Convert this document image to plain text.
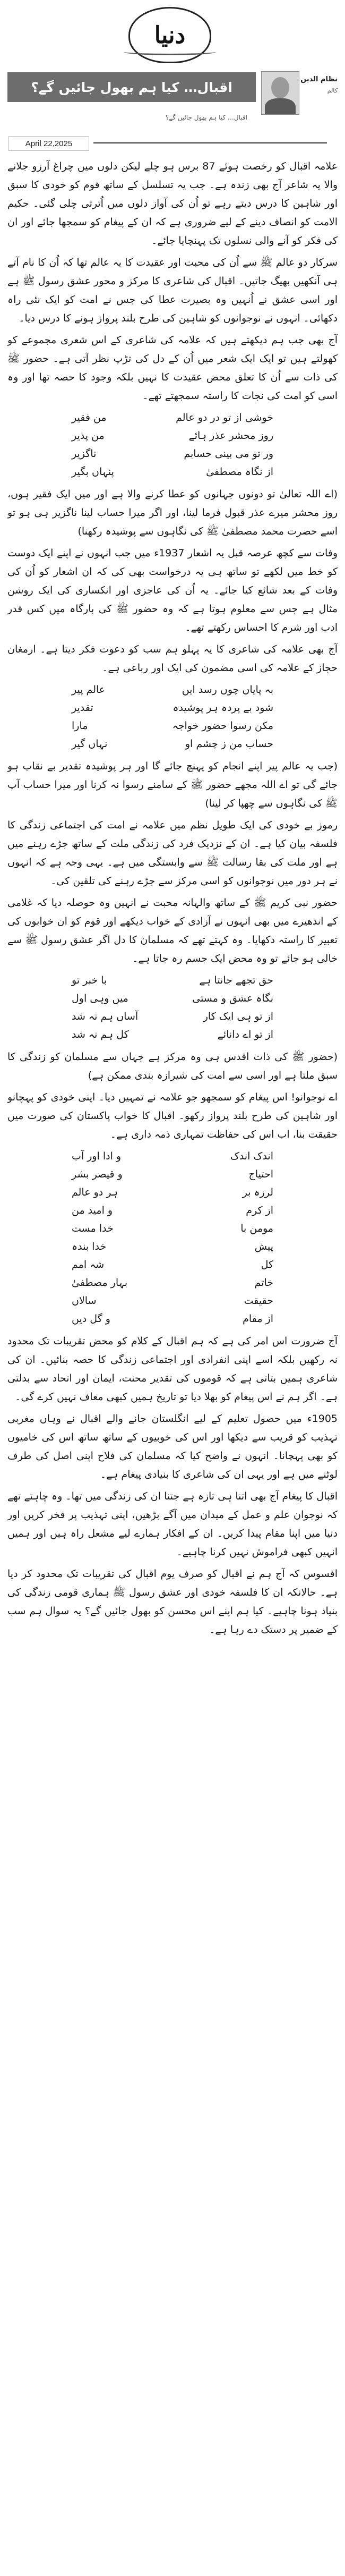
دنیا
اقبال… کیا ہم بھول جائیں گے؟	نظام الدین
کالم
اقبال… کیا ہم بھول جائیں گے؟
April 22,2025

علامہ اقبال کو رخصت ہوئے 87 برس ہو چلے لیکن دلوں میں چراغ آرزو جلانے والا یہ شاعر آج بھی زندہ ہے۔ جب یہ تسلسل کے ساتھ قوم کو خودی کا سبق اور شاہین کا درس دیتے رہے تو اُن کی آواز دلوں میں اُترتی چلی گئی۔ حکیم الامت کو انصاف دینے کے لیے ضروری ہے کہ ان کے پیغام کو سمجھا جائے اور ان کی فکر کو آنے والی نسلوں تک پہنچایا جائے۔

سرکار دو عالم ﷺ سے اُن کی محبت اور عقیدت کا یہ عالم تھا کہ اُن کا نام آتے ہی آنکھیں بھیگ جاتیں۔ اقبال کی شاعری کا مرکز و محور عشق رسول ﷺ ہے اور اسی عشق نے اُنہیں وہ بصیرت عطا کی جس نے امت کو ایک نئی راہ دکھائی۔ انہوں نے نوجوانوں کو شاہین کی طرح بلند پرواز ہونے کا درس دیا۔

آج بھی جب ہم دیکھتے ہیں کہ علامہ کی شاعری کے اس شعری مجموعے کو کھولتے ہیں تو ایک ایک شعر میں اُن کے دل کی تڑپ نظر آتی ہے۔ حضور ﷺ کی ذات سے اُن کا تعلق محض عقیدت کا نہیں بلکہ وجود کا حصہ تھا اور وہ اسی کو امت کی نجات کا راستہ سمجھتے تھے۔

خوشی از تو در دو عالم
من فقیر
روز محشر عذر ہائے
من پذیر
ور تو می بینی حسابم
ناگزیر
از نگاہ مصطفیٰ
پنہاں بگیر

(اے اللہ تعالیٰ تو دونوں جہانوں کو عطا کرنے والا ہے اور میں ایک فقیر ہوں، روز محشر میرے عذر قبول فرما لینا، اور اگر میرا حساب لینا ناگزیر ہی ہو تو اسے حضرت محمد مصطفیٰ ﷺ کی نگاہوں سے پوشیدہ رکھنا)

وفات سے کچھ عرصہ قبل یہ اشعار 1937ء میں جب انہوں نے اپنے ایک دوست کو خط میں لکھے تو ساتھ ہی یہ درخواست بھی کی کہ ان اشعار کو اُن کی وفات کے بعد شائع کیا جائے۔ یہ اُن کی عاجزی اور انکساری کی ایک روشن مثال ہے جس سے معلوم ہوتا ہے کہ وہ حضور ﷺ کی بارگاہ میں کس قدر ادب اور شرم کا احساس رکھتے تھے۔

آج بھی علامہ کی شاعری کا یہ پہلو ہم سب کو دعوت فکر دیتا ہے۔ ارمغان حجاز کے علامہ کی اسی مضمون کی ایک اور رباعی ہے۔

بہ پایاں چوں رسد ایں
عالم پیر
شود بے پردہ ہر پوشیدہ
تقدیر
مکن رسوا حضور خواجہ
مارا
حساب من ز چشم او
نہاں گیر

(جب یہ عالم پیر اپنے انجام کو پہنچ جائے گا اور ہر پوشیدہ تقدیر بے نقاب ہو جائے گی تو اے اللہ مجھے حضور ﷺ کے سامنے رسوا نہ کرنا اور میرا حساب آپ ﷺ کی نگاہوں سے چھپا کر لینا)

رموز بے خودی کی ایک طویل نظم میں علامہ نے امت کی اجتماعی زندگی کا فلسفہ بیان کیا ہے۔ ان کے نزدیک فرد کی زندگی ملت کے ساتھ جڑے رہنے میں ہے اور ملت کی بقا رسالت ﷺ سے وابستگی میں ہے۔ یہی وجہ ہے کہ انہوں نے ہر دور میں نوجوانوں کو اسی مرکز سے جڑے رہنے کی تلقین کی۔

حضور نبی کریم ﷺ کے ساتھ والہانہ محبت نے انہیں وہ حوصلہ دیا کہ غلامی کے اندھیرے میں بھی انہوں نے آزادی کے خواب دیکھے اور قوم کو ان خوابوں کی تعبیر کا راستہ دکھایا۔ وہ کہتے تھے کہ مسلمان کا دل اگر عشق رسول ﷺ سے خالی ہو جائے تو وہ محض ایک جسم رہ جاتا ہے۔

حق تجھے جانتا ہے
با خبر تو
نگاہ عشق و مستی
میں وہی اول
از تو ہی ایک کار
آساں ہم نہ شد
از تو اے دانائے
کل ہم نہ شد

(حضور ﷺ کی ذات اقدس ہی وہ مرکز ہے جہاں سے مسلمان کو زندگی کا سبق ملتا ہے اور اسی سے امت کی شیرازہ بندی ممکن ہے)

اے نوجوانو! اس پیغام کو سمجھو جو علامہ نے تمہیں دیا۔ اپنی خودی کو پہچانو اور شاہین کی طرح بلند پرواز رکھو۔ اقبال کا خواب پاکستان کی صورت میں حقیقت بنا، اب اس کی حفاظت تمہاری ذمہ داری ہے۔

اندک اندک
و ادا اور آب
احتیاج
و قیصر بشر
لرزہ بر
ہر دو عالم
از کرم
و امید من
مومن با
خدا مست
پیش
خدا بندہ
کل
شہ امم
خاتم
بہار مصطفیٰ
حقیقت
سالاں
از مقام
و گل دیں

آج ضرورت اس امر کی ہے کہ ہم اقبال کے کلام کو محض تقریبات تک محدود نہ رکھیں بلکہ اسے اپنی انفرادی اور اجتماعی زندگی کا حصہ بنائیں۔ ان کی شاعری ہمیں بتاتی ہے کہ قوموں کی تقدیر محنت، ایمان اور اتحاد سے بدلتی ہے۔ اگر ہم نے اس پیغام کو بھلا دیا تو تاریخ ہمیں کبھی معاف نہیں کرے گی۔

1905ء میں حصول تعلیم کے لیے انگلستان جانے والے اقبال نے وہاں مغربی تہذیب کو قریب سے دیکھا اور اس کی خوبیوں کے ساتھ ساتھ اس کی خامیوں کو بھی پہچانا۔ انہوں نے واضح کیا کہ مسلمان کی فلاح اپنی اصل کی طرف لوٹنے میں ہے اور یہی ان کی شاعری کا بنیادی پیغام ہے۔

اقبال کا پیغام آج بھی اتنا ہی تازہ ہے جتنا ان کی زندگی میں تھا۔ وہ چاہتے تھے کہ نوجوان علم و عمل کے میدان میں آگے بڑھیں، اپنی تہذیب پر فخر کریں اور دنیا میں اپنا مقام پیدا کریں۔ ان کے افکار ہمارے لیے مشعل راہ ہیں اور ہمیں انہیں کبھی فراموش نہیں کرنا چاہیے۔

افسوس کہ آج ہم نے اقبال کو صرف یوم اقبال کی تقریبات تک محدود کر دیا ہے۔ حالانکہ ان کا فلسفہ خودی اور عشق رسول ﷺ ہماری قومی زندگی کی بنیاد ہونا چاہیے۔ کیا ہم اپنے اس محسن کو بھول جائیں گے؟ یہ سوال ہم سب کے ضمیر پر دستک دے رہا ہے۔
